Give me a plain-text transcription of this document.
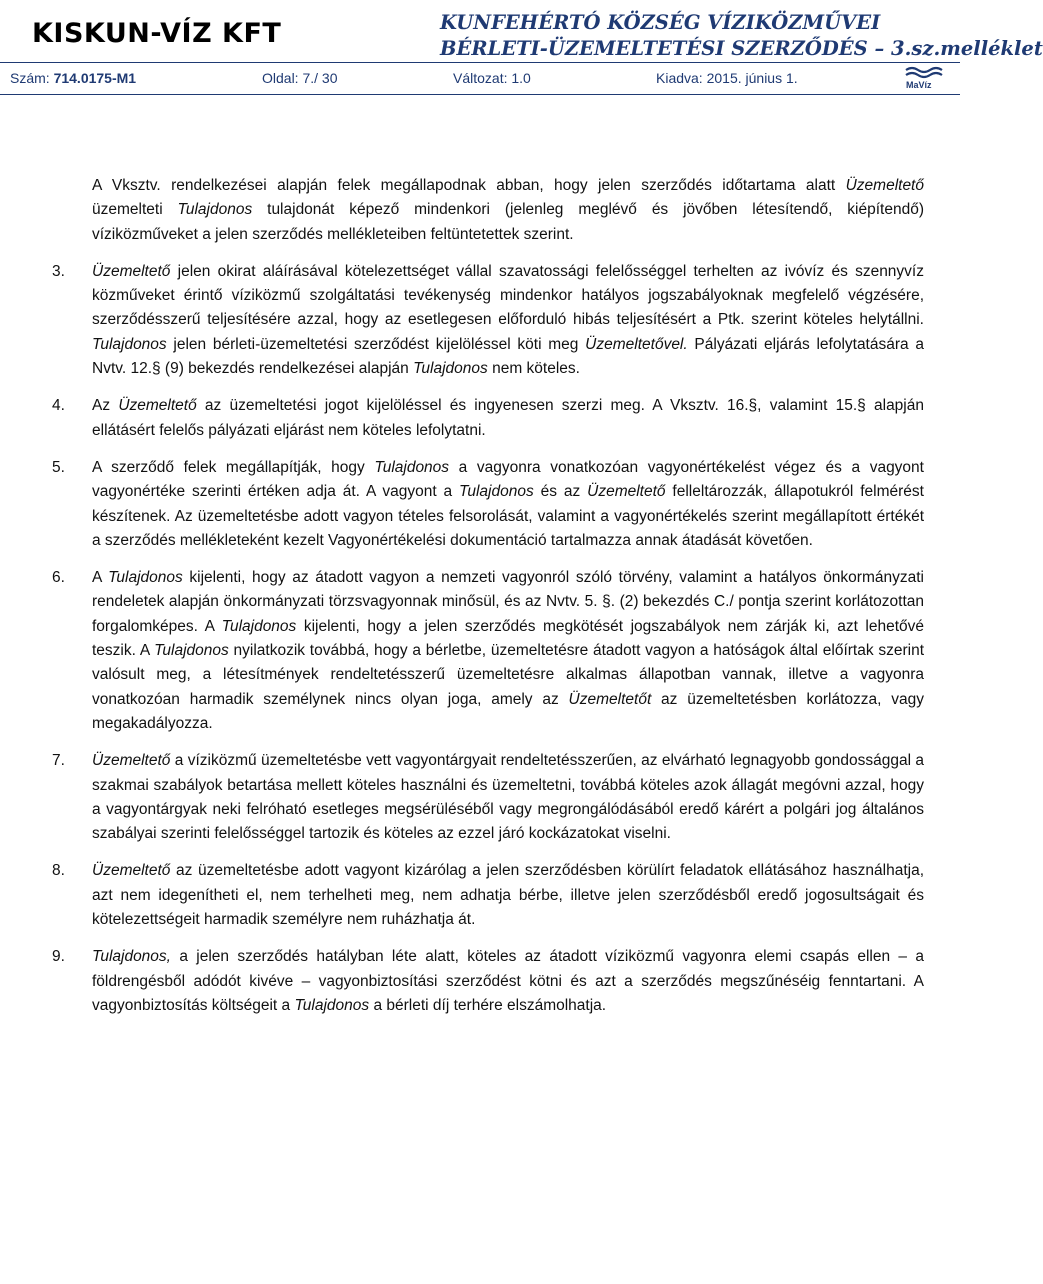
KISKUN-VÍZ KFT	KUNFEHÉRTÓ KÖZSÉG VÍZIKÖZMŰVEI
BÉRLETI-ÜZEMELTETÉSI SZERZŐDÉS – 3.sz.melléklet
Szám: 714.0175-M1	Oldal: 7./ 30	Változat: 1.0	Kiadva: 2015. június 1.	MaVíz

A Vksztv. rendelkezései alapján felek megállapodnak abban, hogy jelen szerződés időtartama alatt Üzemeltető üzemelteti Tulajdonos tulajdonát képező mindenkori (jelenleg meglévő és jövőben létesítendő, kiépítendő) víziközműveket a jelen szerződés mellékleteiben feltüntetettek szerint.

3. Üzemeltető jelen okirat aláírásával kötelezettséget vállal szavatossági felelősséggel terhelten az ivóvíz és szennyvíz közműveket érintő víziközmű szolgáltatási tevékenység mindenkor hatályos jogszabályoknak megfelelő végzésére, szerződésszerű teljesítésére azzal, hogy az esetlegesen előforduló hibás teljesítésért a Ptk. szerint köteles helytállni. Tulajdonos jelen bérleti-üzemeltetési szerződést kijelöléssel köti meg Üzemeltetővel. Pályázati eljárás lefolytatására a Nvtv. 12.§ (9) bekezdés rendelkezései alapján Tulajdonos nem köteles.

4. Az Üzemeltető az üzemeltetési jogot kijelöléssel és ingyenesen szerzi meg. A Vksztv. 16.§, valamint 15.§ alapján ellátásért felelős pályázati eljárást nem köteles lefolytatni.

5. A szerződő felek megállapítják, hogy Tulajdonos a vagyonra vonatkozóan vagyonértékelést végez és a vagyont vagyonértéke szerinti értéken adja át. A vagyont a Tulajdonos és az Üzemeltető felleltározzák, állapotukról felmérést készítenek. Az üzemeltetésbe adott vagyon tételes felsorolását, valamint a vagyonértékelés szerint megállapított értékét a szerződés mellékleteként kezelt Vagyonértékelési dokumentáció tartalmazza annak átadását követően.

6. A Tulajdonos kijelenti, hogy az átadott vagyon a nemzeti vagyonról szóló törvény, valamint a hatályos önkormányzati rendeletek alapján önkormányzati törzsvagyonnak minősül, és az Nvtv. 5. §. (2) bekezdés C./ pontja szerint korlátozottan forgalomképes. A Tulajdonos kijelenti, hogy a jelen szerződés megkötését jogszabályok nem zárják ki, azt lehetővé teszik. A Tulajdonos nyilatkozik továbbá, hogy a bérletbe, üzemeltetésre átadott vagyon a hatóságok által előírtak szerint valósult meg, a létesítmények rendeltetésszerű üzemeltetésre alkalmas állapotban vannak, illetve a vagyonra vonatkozóan harmadik személynek nincs olyan joga, amely az Üzemeltetőt az üzemeltetésben korlátozza, vagy megakadályozza.

7. Üzemeltető a víziközmű üzemeltetésbe vett vagyontárgyait rendeltetésszerűen, az elvárható legnagyobb gondossággal a szakmai szabályok betartása mellett köteles használni és üzemeltetni, továbbá köteles azok állagát megóvni azzal, hogy a vagyontárgyak neki felróható esetleges megsérüléséből vagy megrongálódásából eredő kárért a polgári jog általános szabályai szerinti felelősséggel tartozik és köteles az ezzel járó kockázatokat viselni.

8. Üzemeltető az üzemeltetésbe adott vagyont kizárólag a jelen szerződésben körülírt feladatok ellátásához használhatja, azt nem idegenítheti el, nem terhelheti meg, nem adhatja bérbe, illetve jelen szerződésből eredő jogosultságait és kötelezettségeit harmadik személyre nem ruházhatja át.

9. Tulajdonos, a jelen szerződés hatályban léte alatt, köteles az átadott víziközmű vagyonra elemi csapás ellen – a földrengésből adódót kivéve – vagyonbiztosítási szerződést kötni és azt a szerződés megszűnéséig fenntartani. A vagyonbiztosítás költségeit a Tulajdonos a bérleti díj terhére elszámolhatja.
